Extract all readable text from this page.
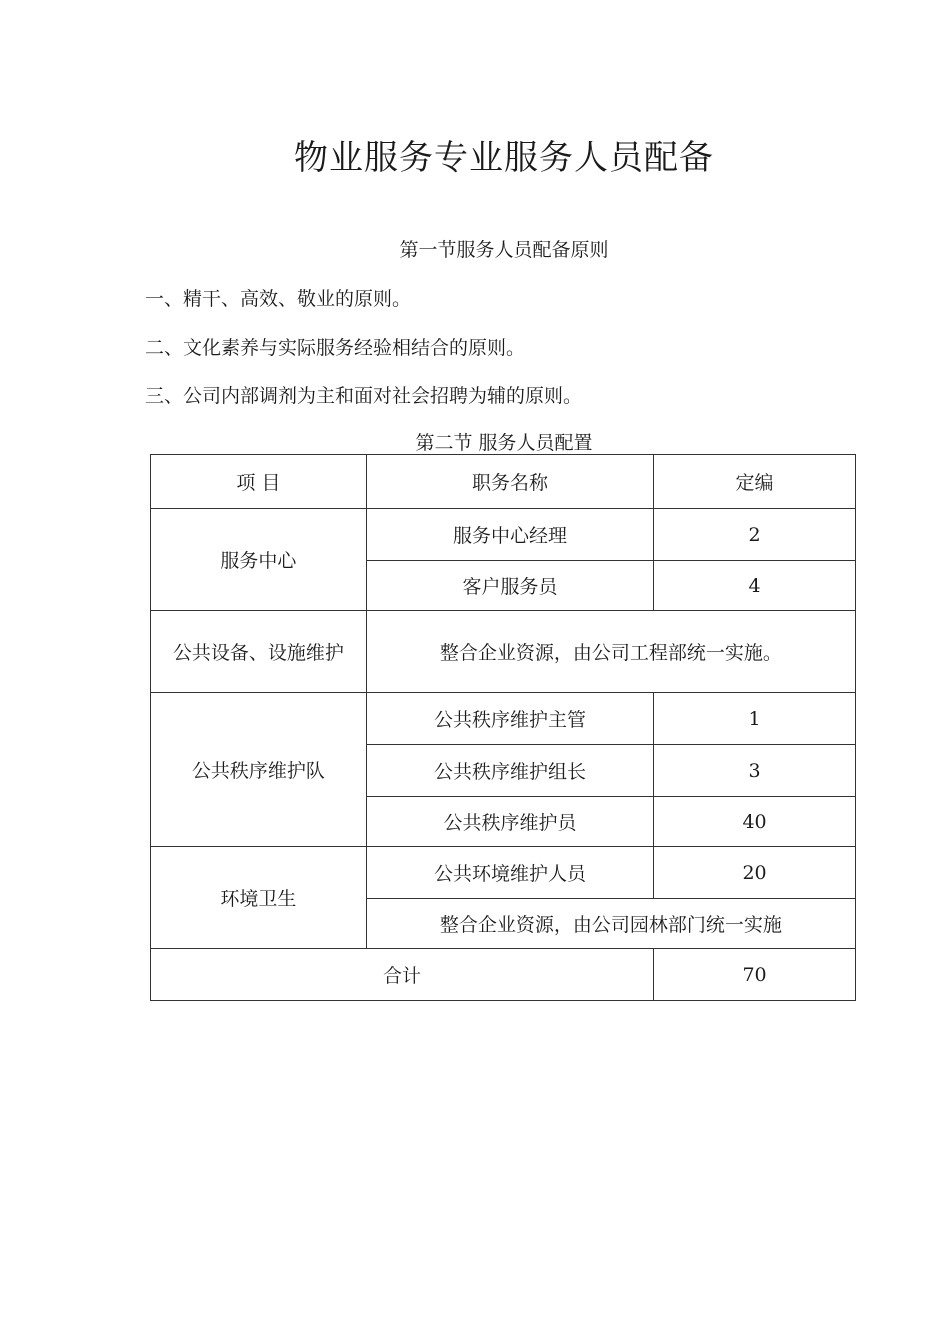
物业服务专业服务人员配备
第一节服务人员配备原则
一、精干、高效、敬业的原则。
二、文化素养与实际服务经验相结合的原则。
三、公司内部调剂为主和面对社会招聘为辅的原则。
第二节 服务人员配置
项 目	职务名称	定编
服务中心	服务中心经理	2
	客户服务员	4
公共设备、设施维护	整合企业资源，由公司工程部统一实施。	
公共秩序维护队	公共秩序维护主管	1
	公共秩序维护组长	3
	公共秩序维护员	40
环境卫生	公共环境维护人员	20
	整合企业资源，由公司园林部门统一实施	
合计		70
